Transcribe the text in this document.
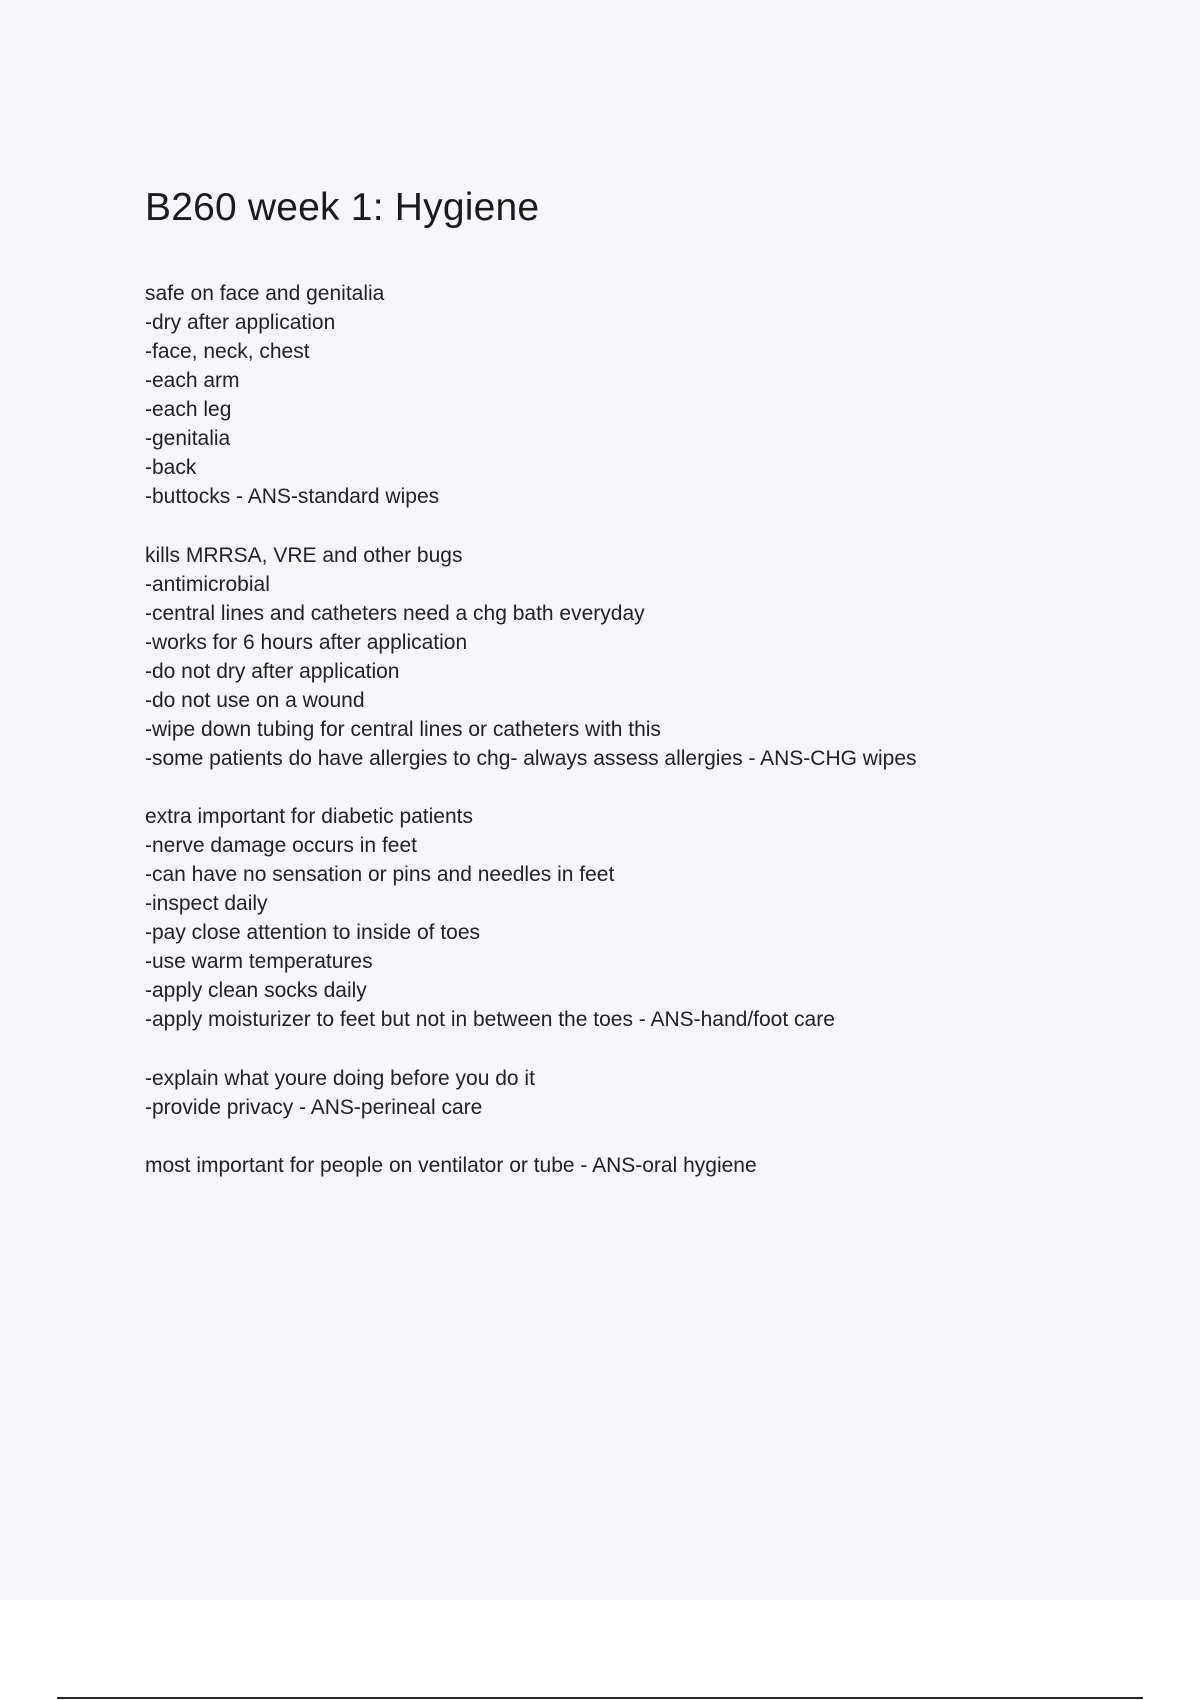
B260 week 1: Hygiene
safe on face and genitalia
-dry after application
-face, neck, chest
-each arm
-each leg
-genitalia
-back
-buttocks - ANS-standard wipes
kills MRRSA, VRE and other bugs
-antimicrobial
-central lines and catheters need a chg bath everyday
-works for 6 hours after application
-do not dry after application
-do not use on a wound
-wipe down tubing for central lines or catheters with this
-some patients do have allergies to chg- always assess allergies - ANS-CHG wipes
extra important for diabetic patients
-nerve damage occurs in feet
-can have no sensation or pins and needles in feet
-inspect daily
-pay close attention to inside of toes
-use warm temperatures
-apply clean socks daily
-apply moisturizer to feet but not in between the toes - ANS-hand/foot care
-explain what youre doing before you do it
-provide privacy - ANS-perineal care
most important for people on ventilator or tube - ANS-oral hygiene
